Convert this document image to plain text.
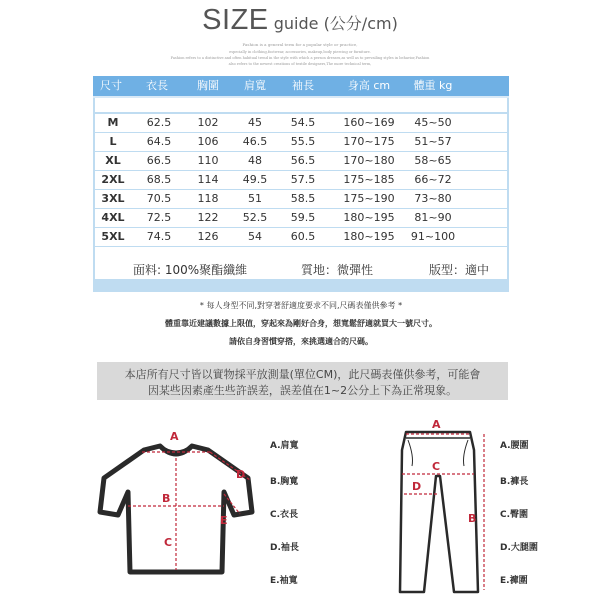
SIZE guide (公分/cm)
Fashion is a general term for a popular style or practice,
especially in clothing,footwear, accessories, makeup,body piercing or furniture.
Fashion refers to a distinctive and often habitual trend in the style with which a person dresses,as well as to prevailing styles in behavior,Fashion
also refers to the newest creations of textile designers,The more technical term,
尺寸	衣長	胸圍	肩寬	袖長	身高 cm	體重 kg
M	62.5	102	45	54.5	160~169	45~50
L	64.5	106	46.5	55.5	170~175	51~57
XL	66.5	110	48	56.5	170~180	58~65
2XL	68.5	114	49.5	57.5	175~185	66~72
3XL	70.5	118	51	58.5	175~190	73~80
4XL	72.5	122	52.5	59.5	180~195	81~90
5XL	74.5	126	54	60.5	180~195	91~100
面料: 100%聚酯纖維	質地：微彈性	版型：適中
* 每人身型不同,對穿著舒適度要求不同,尺碼表僅供參考 *
體重靠近建議數據上限值，穿起來為剛好合身，想寬鬆舒適就買大一號尺寸。
請依自身習慣穿搭，來挑選適合的尺碼。
本店所有尺寸皆以實物採平放測量(單位CM)，此尺碼表僅供參考，可能會
因某些因素產生些許誤差，誤差值在1~2公分上下為正常現象。
A
B
C
D
E
A.肩寬
B.胸寬
C.衣長
D.袖長
E.袖寬
A
C
D
B
A.腰圍
B.褲長
C.臀圍
D.大腿圍
E.褲圍
